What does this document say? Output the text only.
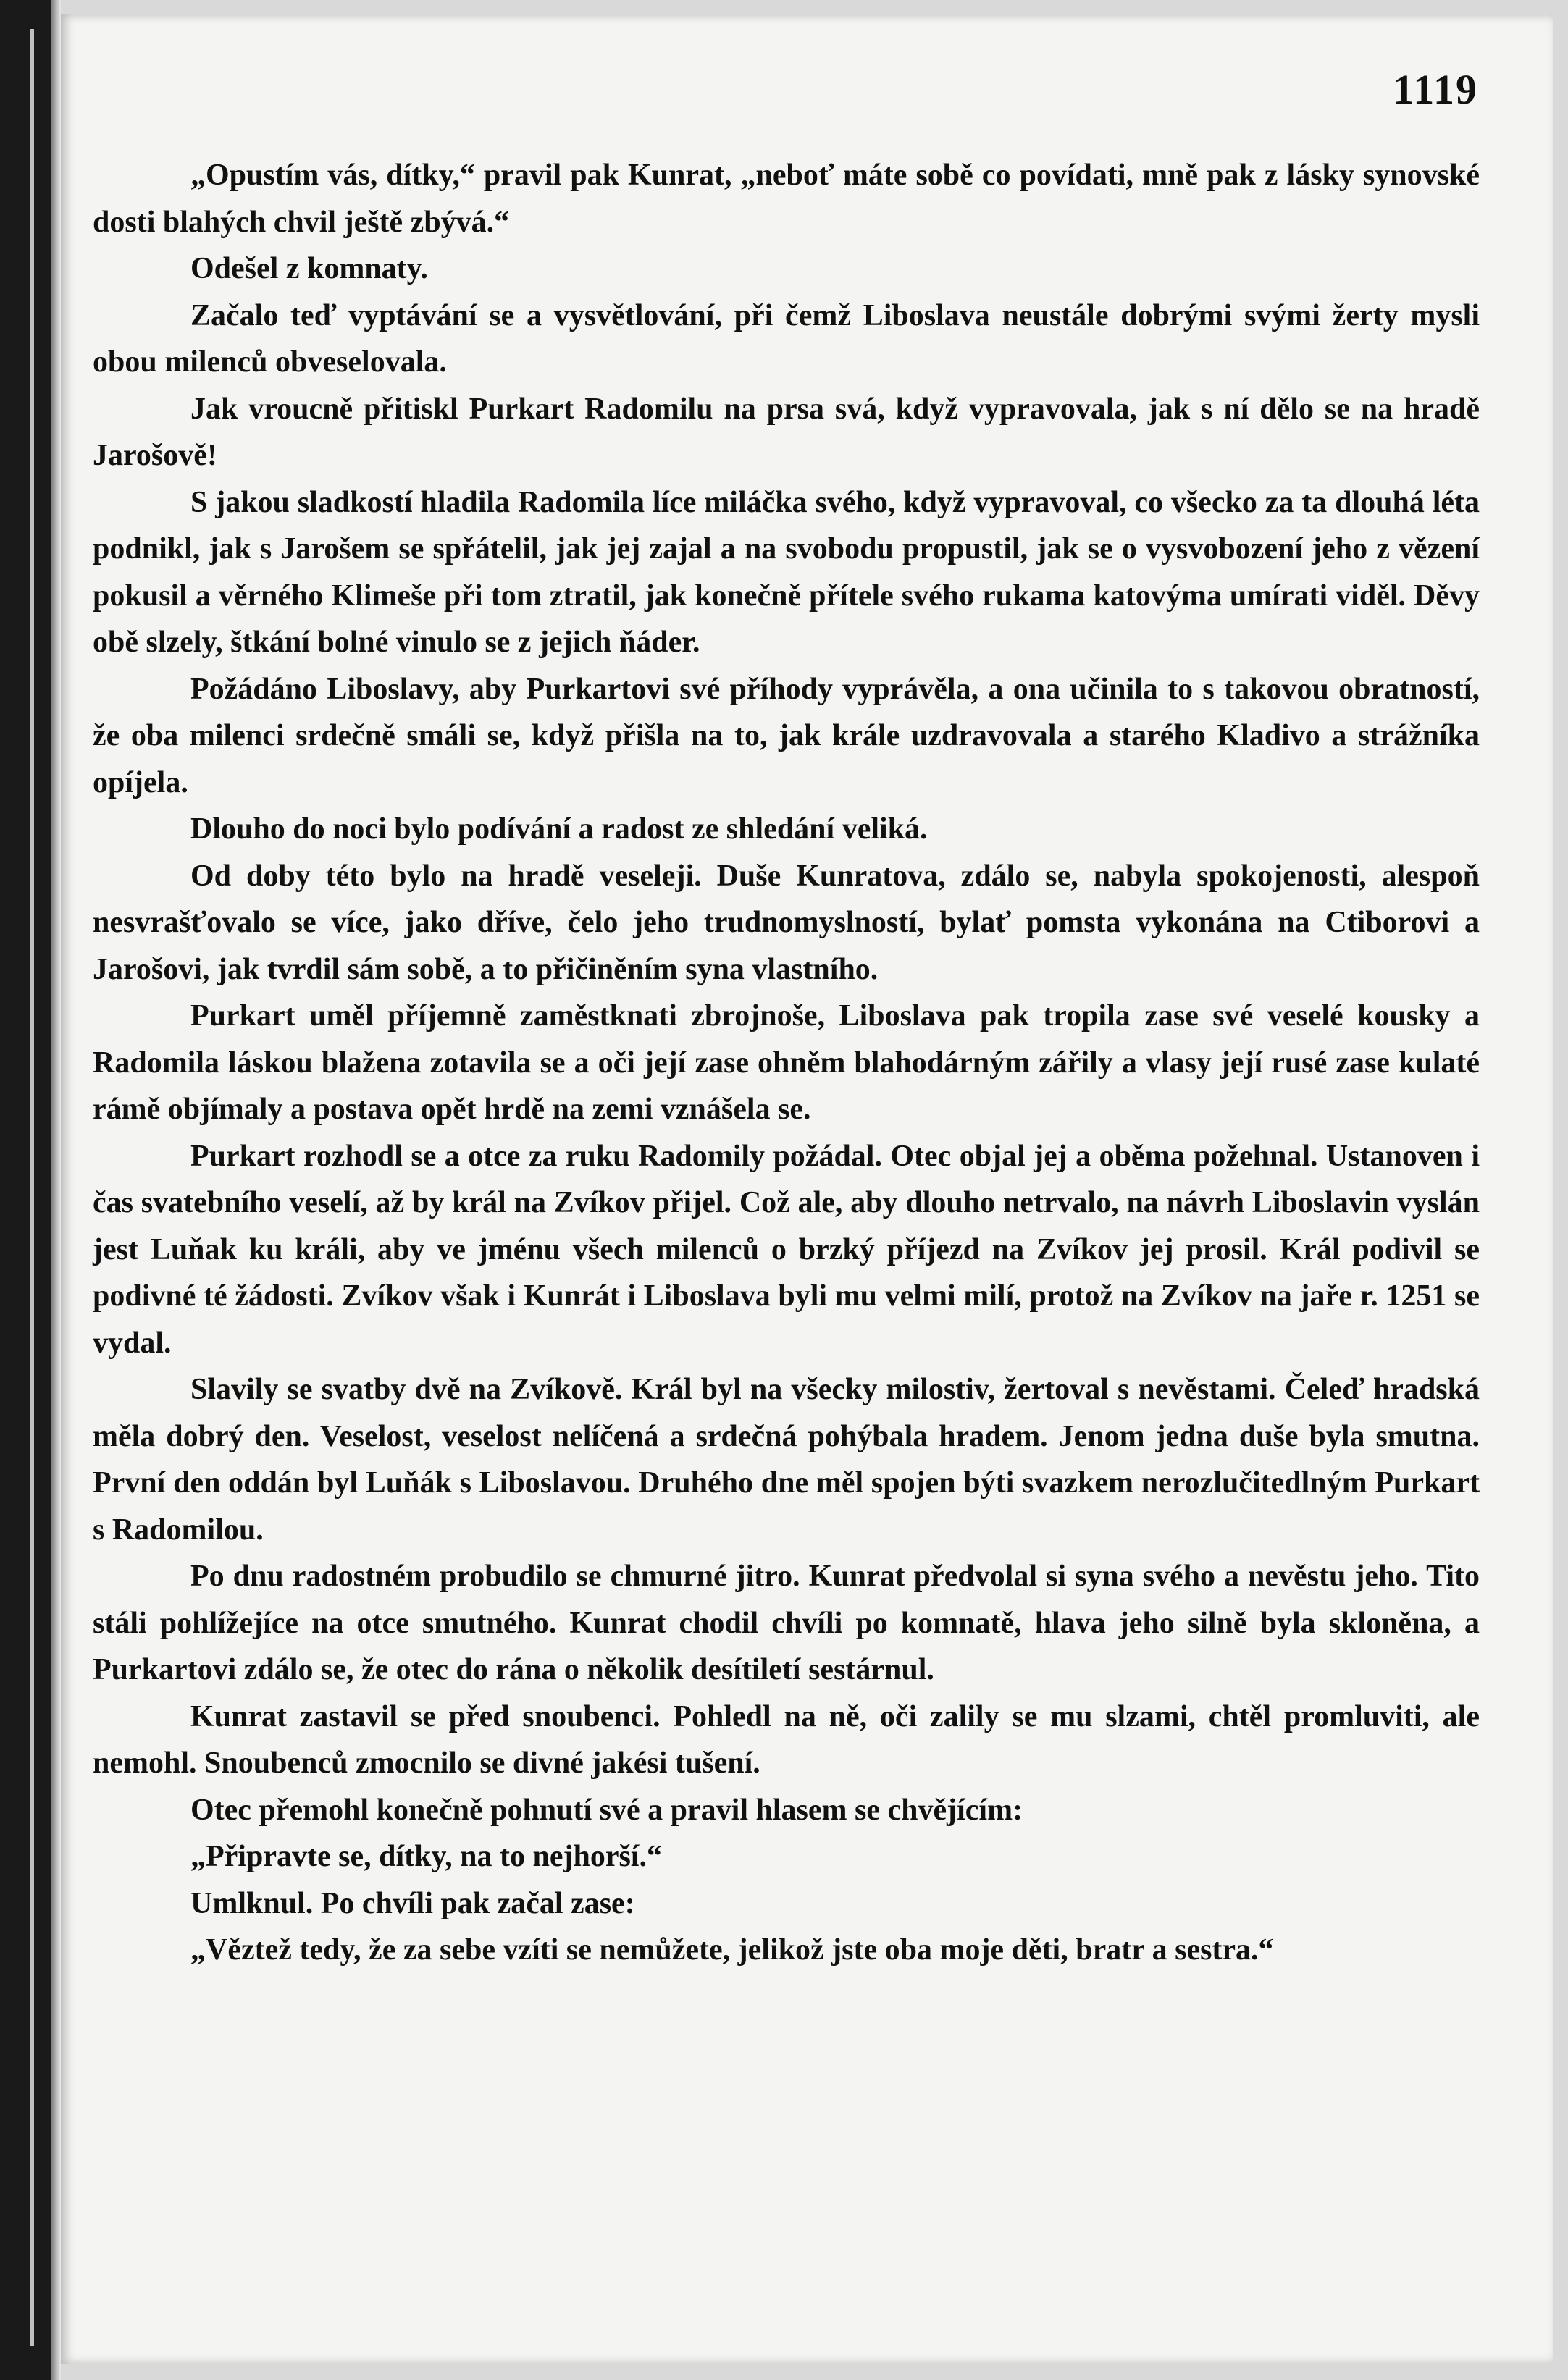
1119

„Opustím vás, dítky,“ pravil pak Kunrat, „neboť máte sobě co povídati, mně pak z lásky synovské dosti blahých chvil ještě zbývá.“

Odešel z komnaty.

Začalo teď vyptávání se a vysvětlování, při čemž Liboslava neustále dobrými svými žerty mysli obou milenců obveselovala.

Jak vroucně přitiskl Purkart Radomilu na prsa svá, když vypravovala, jak s ní dělo se na hradě Jarošově!

S jakou sladkostí hladila Radomila líce miláčka svého, když vypravoval, co všecko za ta dlouhá léta podnikl, jak s Jarošem se spřátelil, jak jej zajal a na svobodu propustil, jak se o vysvobození jeho z vězení pokusil a věrného Klimeše při tom ztratil, jak konečně přítele svého rukama katovýma umírati viděl. Děvy obě slzely, štkání bolné vinulo se z jejich ňáder.

Požádáno Liboslavy, aby Purkartovi své příhody vyprávěla, a ona učinila to s takovou obratností, že oba milenci srdečně smáli se, když přišla na to, jak krále uzdravovala a starého Kladivo a strážníka opíjela.

Dlouho do noci bylo podívání a radost ze shledání veliká.

Od doby této bylo na hradě veseleji. Duše Kunratova, zdálo se, nabyla spokojenosti, alespoň nesvrašťovalo se více, jako dříve, čelo jeho trudnomyslností, bylať pomsta vykonána na Ctiborovi a Jarošovi, jak tvrdil sám sobě, a to přičiněním syna vlastního.

Purkart uměl příjemně zaměstknati zbrojnoše, Liboslava pak tropila zase své veselé kousky a Radomila láskou blažena zotavila se a oči její zase ohněm blahodárným zářily a vlasy její rusé zase kulaté rámě objímaly a postava opět hrdě na zemi vznášela se.

Purkart rozhodl se a otce za ruku Radomily požádal. Otec objal jej a oběma požehnal. Ustanoven i čas svatebního veselí, až by král na Zvíkov přijel. Což ale, aby dlouho netrvalo, na návrh Liboslavin vyslán jest Luňak ku králi, aby ve jménu všech milenců o brzký příjezd na Zvíkov jej prosil. Král podivil se podivné té žádosti. Zvíkov však i Kunrát i Liboslava byli mu velmi milí, protož na Zvíkov na jaře r. 1251 se vydal.

Slavily se svatby dvě na Zvíkově. Král byl na všecky milostiv, žertoval s nevěstami. Čeleď hradská měla dobrý den. Veselost, veselost nelíčená a srdečná pohýbala hradem. Jenom jedna duše byla smutna. První den oddán byl Luňák s Liboslavou. Druhého dne měl spojen býti svazkem nerozlučitedlným Purkart s Radomilou.

Po dnu radostném probudilo se chmurné jitro. Kunrat předvolal si syna svého a nevěstu jeho. Tito stáli pohlížejíce na otce smutného. Kunrat chodil chvíli po komnatě, hlava jeho silně byla skloněna, a Purkartovi zdálo se, že otec do rána o několik desítiletí sestárnul.

Kunrat zastavil se před snoubenci. Pohledl na ně, oči zalily se mu slzami, chtěl promluviti, ale nemohl. Snoubenců zmocnilo se divné jakési tušení.

Otec přemohl konečně pohnutí své a pravil hlasem se chvějícím:

„Připravte se, dítky, na to nejhorší.“

Umlknul. Po chvíli pak začal zase:

„Věztež tedy, že za sebe vzíti se nemůžete, jelikož jste oba moje děti, bratr a sestra.“
